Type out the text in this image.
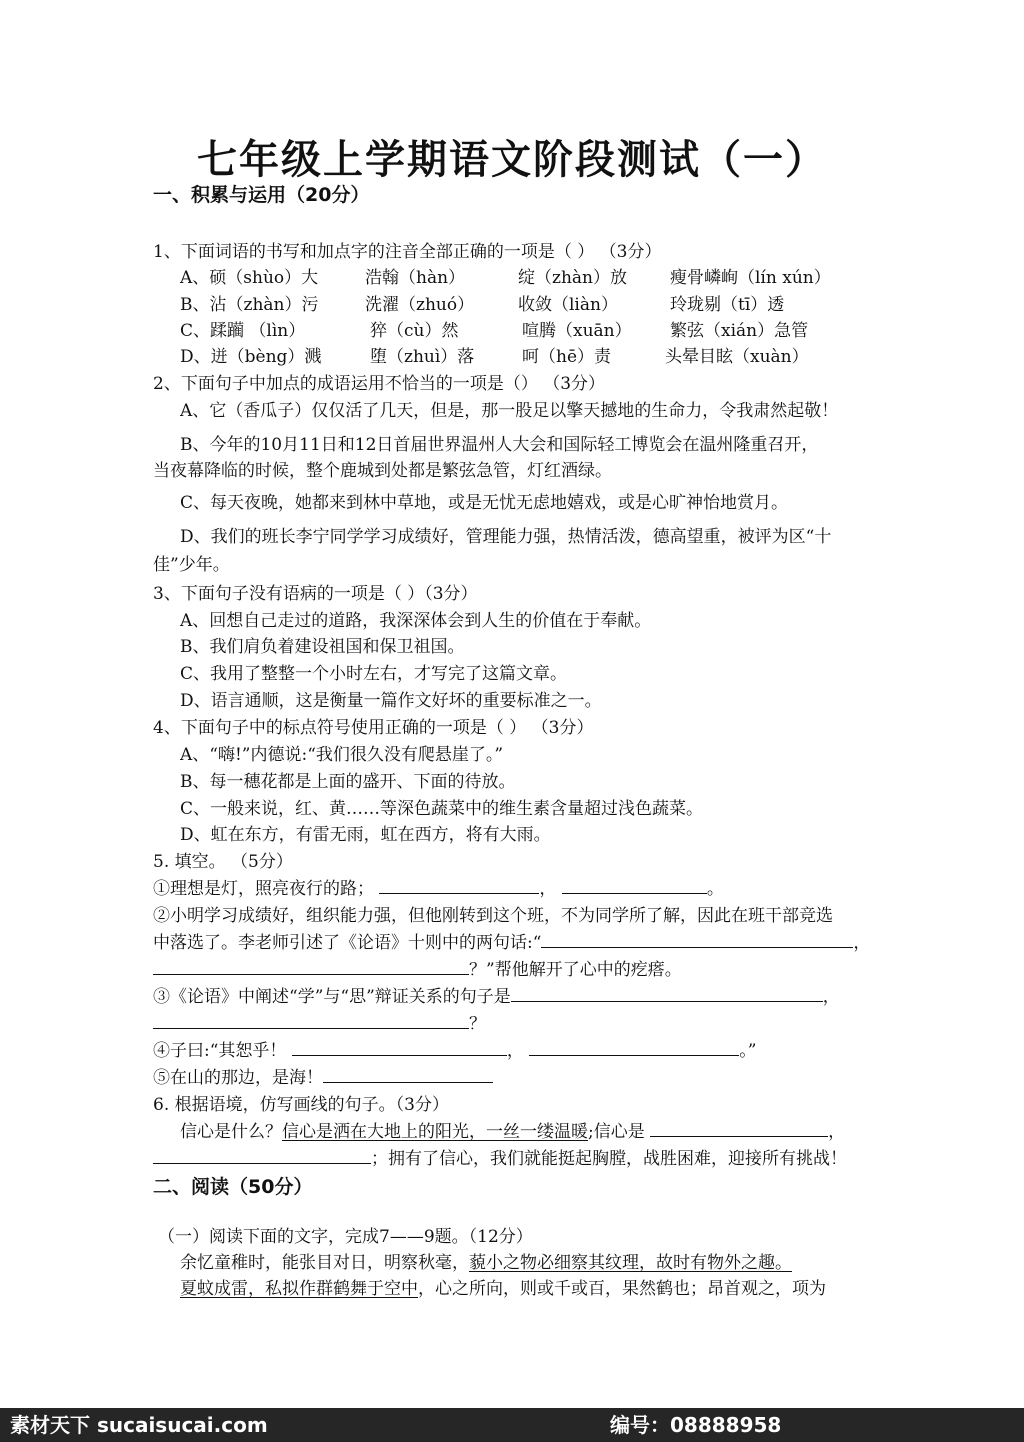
七年级上学期语文阶段测试（一）
一、积累与运用（20分）
1、下面词语的书写和加点字的注音全部正确的一项是（ ） （3分）
A、硕（shùo）大	浩翰（hàn）	绽（zhàn）放	瘦骨嶙峋（lín xún）
B、沾（zhàn）污	洗濯（zhuó）	收敛（liàn）	玲珑剔（tī）透
C、蹂躏 （lìn）	猝（cù）然	喧腾（xuān） 繁弦（xián）急管
D、迸（bèng）溅	堕（zhuì）落	呵（hē）责	头晕目眩（xuàn）
2、下面句子中加点的成语运用不恰当的一项是（） （3分）
A、它（香瓜子）仅仅活了几天，但是，那一股足以擎天撼地的生命力，令我肃然起敬！
B、今年的10月11日和12日首届世界温州人大会和国际轻工博览会在温州隆重召开，
当夜幕降临的时候，整个鹿城到处都是繁弦急管，灯红酒绿。
C、每天夜晚，她都来到林中草地，或是无忧无虑地嬉戏，或是心旷神怡地赏月。
D、我们的班长李宁同学学习成绩好，管理能力强，热情活泼，德高望重，被评为区“十
佳”少年。
3、下面句子没有语病的一项是（ ）（3分）
A、回想自己走过的道路，我深深体会到人生的价值在于奉献。
B、我们肩负着建设祖国和保卫祖国。
C、我用了整整一个小时左右，才写完了这篇文章。
D、语言通顺，这是衡量一篇作文好坏的重要标准之一。
4、下面句子中的标点符号使用正确的一项是（ ） （3分）
A、“嗨!”内德说:“我们很久没有爬悬崖了。”
B、每一穗花都是上面的盛开、下面的待放。
C、一般来说，红、黄……等深色蔬菜中的维生素含量超过浅色蔬菜。
D、虹在东方，有雷无雨，虹在西方，将有大雨。
5. 填空。 （5分）
①理想是灯，照亮夜行的路；	，	。
②小明学习成绩好，组织能力强，但他刚转到这个班，不为同学所了解，因此在班干部竞选
中落选了。李老师引述了《论语》十则中的两句话:“	，
？”帮他解开了心中的疙瘩。
③《论语》中阐述“学”与“思”辩证关系的句子是	，
？
④子曰:“其恕乎！	，	。”
⑤在山的那边，是海！
6. 根据语境，仿写画线的句子。（3分）
信心是什么？信心是洒在大地上的阳光，一丝一缕温暖;信心是	，
；拥有了信心，我们就能挺起胸膛，战胜困难，迎接所有挑战！
二、阅读（50分）
（一）阅读下面的文字，完成7——9题。（12分）
余忆童稚时，能张目对日，明察秋毫，藐小之物必细察其纹理，故时有物外之趣。
夏蚊成雷，私拟作群鹤舞于空中，心之所向，则或千或百，果然鹤也；昂首观之，项为
素材天下 sucaisucai.com	编号：08888958
